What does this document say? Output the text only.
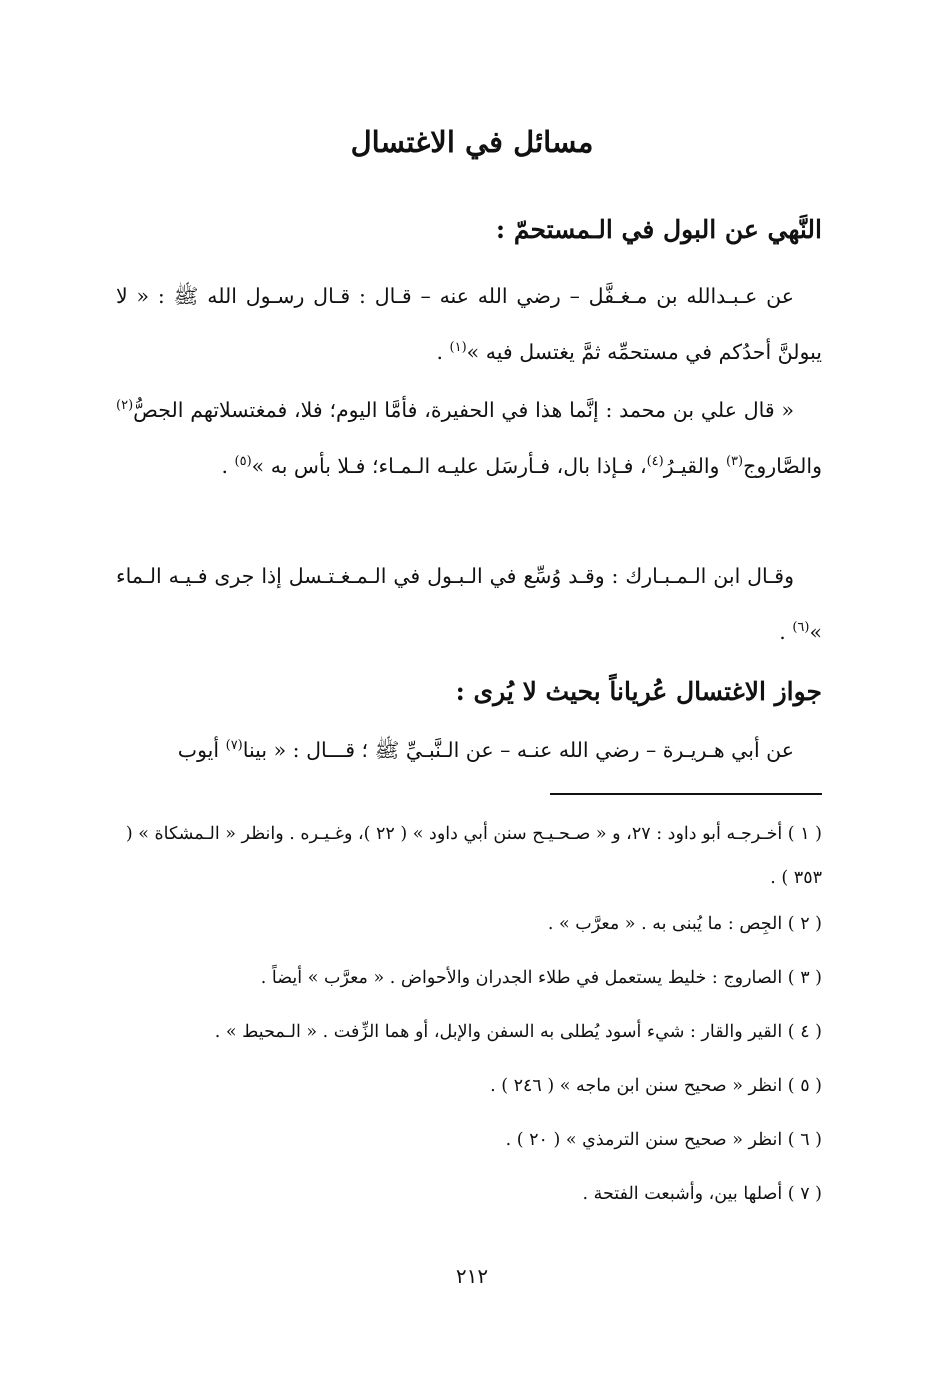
مسائل في الاغتسال
النَّهي عن البول في الـمستحمّ :

عن عـبـدالله بن مـغـفَّل – رضي الله عنه – قـال : قـال رسـول الله ﷺ : « لا يبولنَّ أحدُكم في مستحمِّه ثمَّ يغتسل فيه »$^{(١)}$ .

« قال علي بن محمد : إنَّما هذا في الحفيرة، فأمَّا اليوم؛ فلا، فمغتسلاتهم الجصُّ$^{(٢)}$ والصَّاروج$^{(٣)}$ والقيـرُ$^{(٤)}$، فـإذا بال، فـأرسَل عليـه الـمـاء؛ فـلا بأس به »$^{(٥)}$ .

وقـال ابن الـمـبـارك : وقـد وُسِّع في الـبـول في الـمـغـتـسل إذا جرى فـيـه الـماء »$^{(٦)}$ .

جواز الاغتسال عُرياناً بحيث لا يُرى :

عن أبي هـريـرة – رضي الله عنـه – عن الـنَّبـيِّ ﷺ ؛ قـــال : « بينا$^{(٧)}$ أيوب

( ١ ) أخـرجـه أبو داود : ٢٧، و « صـحـيـح سنن أبي داود » ( ٢٢ )، وغـيـره . وانظر « الـمشكاة » ( ٣٥٣ ) .
( ٢ ) الجِص : ما يُبنى به . « معرَّب » .
( ٣ ) الصاروج : خليط يستعمل في طلاء الجدران والأحواض . « معرَّب » أيضاً .
( ٤ ) القير والقار : شيء أسود يُطلى به السفن والإبل، أو هما الزِّفت . « الـمحيط » .
( ٥ ) انظر « صحيح سنن ابن ماجه » ( ٢٤٦ ) .
( ٦ ) انظر « صحيح سنن الترمذي » ( ٢٠ ) .
( ٧ ) أصلها بين، وأشبعت الفتحة .
٢١٢
